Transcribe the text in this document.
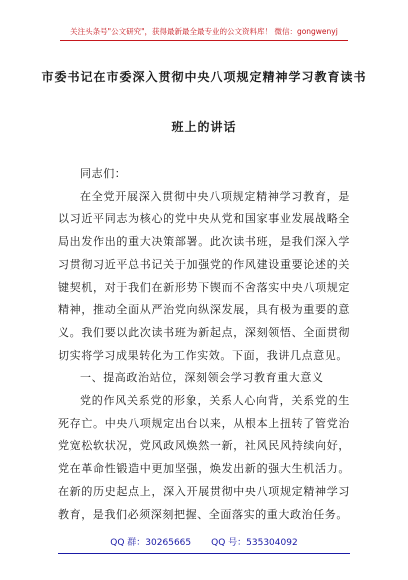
关注头条号"公文研究"，获得最新最全最专业的公文资料库！ 微信：gongwenyj
市委书记在市委深入贯彻中央八项规定精神学习教育读书
班上的讲话

同志们：

在全党开展深入贯彻中央八项规定精神学习教育，是以习近平同志为核心的党中央从党和国家事业发展战略全局出发作出的重大决策部署。此次读书班，是我们深入学习贯彻习近平总书记关于加强党的作风建设重要论述的关键契机，对于我们在新形势下锲而不舍落实中央八项规定精神，推动全面从严治党向纵深发展，具有极为重要的意义。我们要以此次读书班为新起点，深刻领悟、全面贯彻切实将学习成果转化为工作实效。下面，我讲几点意见。

一、提高政治站位，深刻领会学习教育重大意义

党的作风关系党的形象，关系人心向背，关系党的生死存亡。中央八项规定出台以来，从根本上扭转了管党治党宽松软状况，党风政风焕然一新，社风民风持续向好，党在革命性锻造中更加坚强，焕发出新的强大生机活力。在新的历史起点上，深入开展贯彻中央八项规定精神学习教育，是我们必须深刻把握、全面落实的重大政治任务。

QQ 群：30265665 QQ 号：535304092
